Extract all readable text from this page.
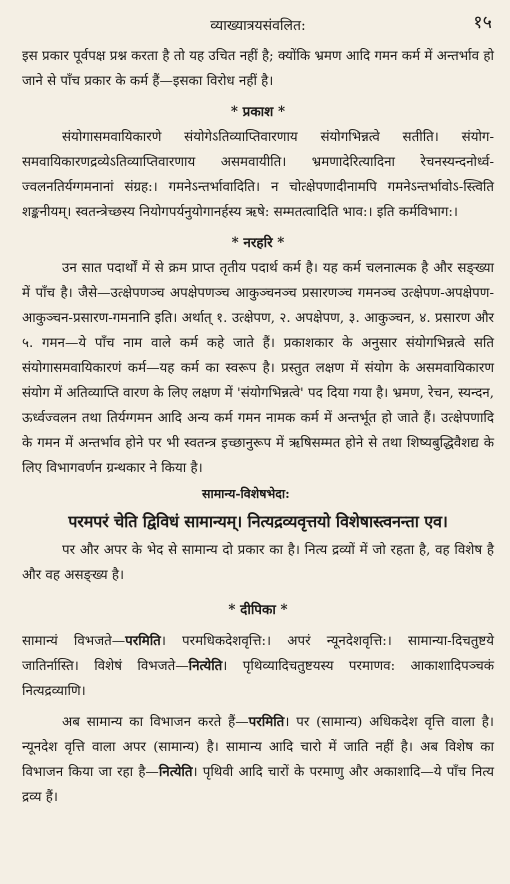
व्याख्यात्रयसंवलित:	१५

इस प्रकार पूर्वपक्ष प्रश्न करता है तो यह उचित नहीं है; क्योंकि भ्रमण आदि गमन कर्म में अन्तर्भाव हो जाने से पाँच प्रकार के कर्म हैं—इसका विरोध नहीं है।

* प्रकाश *

संयोगासमवायिकारणे संयोगेऽतिव्याप्तिवारणाय संयोगभिन्नत्वे सतीति। संयोग-समवायिकारणद्रव्येऽतिव्याप्तिवारणाय असमवायीति। भ्रमणादेरित्यादिना रेचनस्यन्दनोर्ध्व-ज्वलनतिर्यग्गमनानां संग्रह:। गमनेऽन्तर्भावादिति। न चोत्क्षेपणादीनामपि गमनेऽन्तर्भावोऽ-स्त्विति शङ्कनीयम्। स्वतन्त्रेच्छस्य नियोगपर्यनुयोगानर्हस्य ऋषे: सम्मतत्वादिति भाव:। इति कर्मविभाग:।

* नरहरि *

उन सात पदार्थों में से क्रम प्राप्त तृतीय पदार्थ कर्म है। यह कर्म चलनात्मक है और सङ्ख्या में पाँच है। जैसे—उत्क्षेपणञ्च अपक्षेपणञ्च आकुञ्चनञ्च प्रसारणञ्च गमनञ्च उत्क्षेपण-अपक्षेपण-आकुञ्चन-प्रसारण-गमनानि इति। अर्थात् १. उत्क्षेपण, २. अपक्षेपण, ३. आकुञ्चन, ४. प्रसारण और ५. गमन—ये पाँच नाम वाले कर्म कहे जाते हैं। प्रकाशकार के अनुसार संयोगभिन्नत्वे सति संयोगासमवायिकारणं कर्म—यह कर्म का स्वरूप है। प्रस्तुत लक्षण में संयोग के असमवायिकारण संयोग में अतिव्याप्ति वारण के लिए लक्षण में 'संयोगभिन्नत्वे' पद दिया गया है। भ्रमण, रेचन, स्यन्दन, ऊर्ध्वज्वलन तथा तिर्यग्गमन आदि अन्य कर्म गमन नामक कर्म में अन्तर्भूत हो जाते हैं। उत्क्षेपणादि के गमन में अन्तर्भाव होने पर भी स्वतन्त्र इच्छानुरूप में ऋषिसम्मत होने से तथा शिष्यबुद्धिवैशद्य के लिए विभागवर्णन ग्रन्थकार ने किया है।

सामान्य-विशेषभेदा:
परमपरं चेति द्विविधं सामान्यम्। नित्यद्रव्यवृत्तयो विशेषास्त्वनन्ता एव।

पर और अपर के भेद से सामान्य दो प्रकार का है। नित्य द्रव्यों में जो रहता है, वह विशेष है और वह असङ्ख्य है।

* दीपिका *

सामान्यं विभजते—परमिति। परमधिकदेशवृत्ति:। अपरं न्यूनदेशवृत्ति:। सामान्या-दिचतुष्टये जातिर्नास्ति। विशेषं विभजते—नित्येति। पृथिव्यादिचतुष्टयस्य परमाणव: आकाशादिपञ्चकं नित्यद्रव्याणि।

अब सामान्य का विभाजन करते हैं—परमिति। पर (सामान्य) अधिकदेश वृत्ति वाला है। न्यूनदेश वृत्ति वाला अपर (सामान्य) है। सामान्य आदि चारो में जाति नहीं है। अब विशेष का विभाजन किया जा रहा है—नित्येति। पृथिवी आदि चारों के परमाणु और अकाशादि—ये पाँच नित्य द्रव्य हैं।
